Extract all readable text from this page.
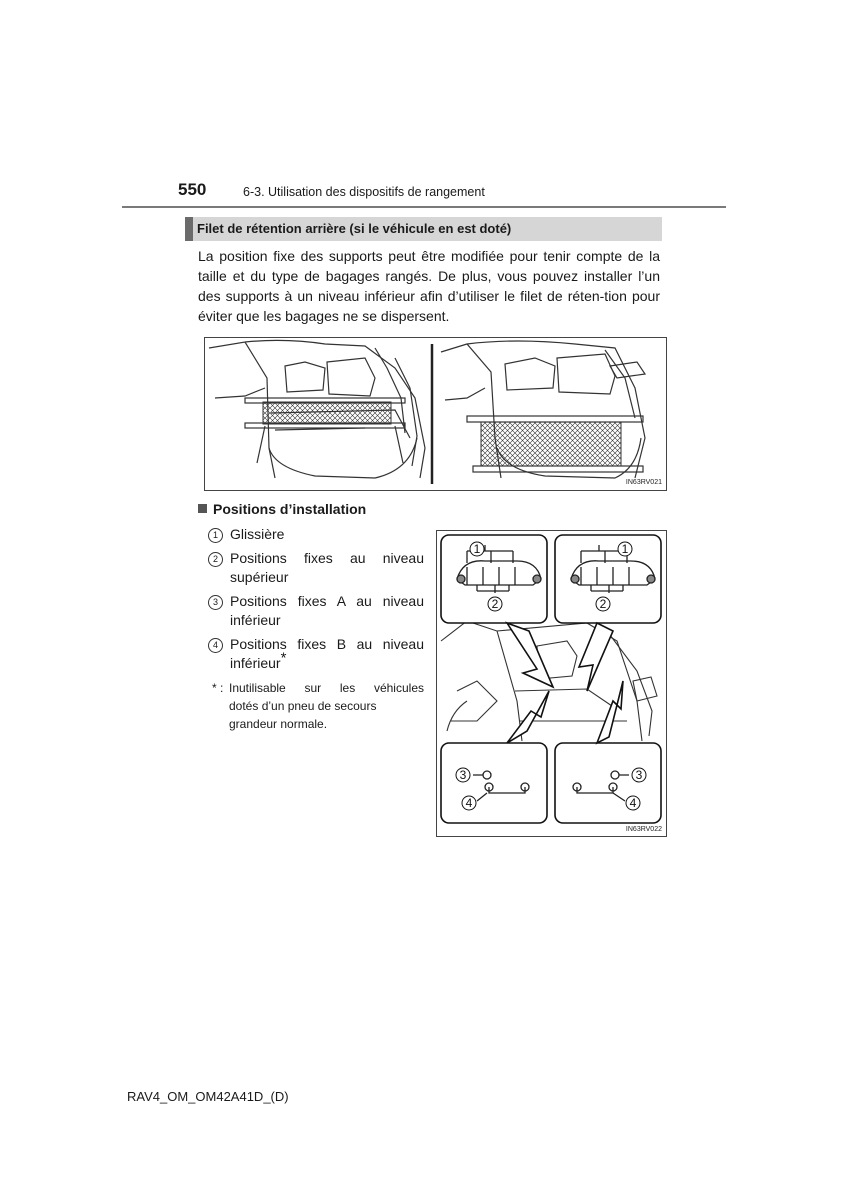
550	6-3. Utilisation des dispositifs de rangement
Filet de rétention arrière (si le véhicule en est doté)

La position fixe des supports peut être modifiée pour tenir compte de la taille et du type de bagages rangés. De plus, vous pouvez installer l’un des supports à un niveau inférieur afin d’utiliser le filet de réten-tion pour éviter que les bagages ne se dispersent.

IN63RV021
Positions d’installation
1 Glissière
2 Positions fixes au niveau
supérieur
3 Positions fixes A au niveau
inférieur
4 Positions fixes B au niveau
inférieur*
* : Inutilisable sur les véhicules
dotés d’un pneu de secours grandeur normale.
1
2
1
2
3
4
3
4
IN63RV022
RAV4_OM_OM42A41D_(D)
